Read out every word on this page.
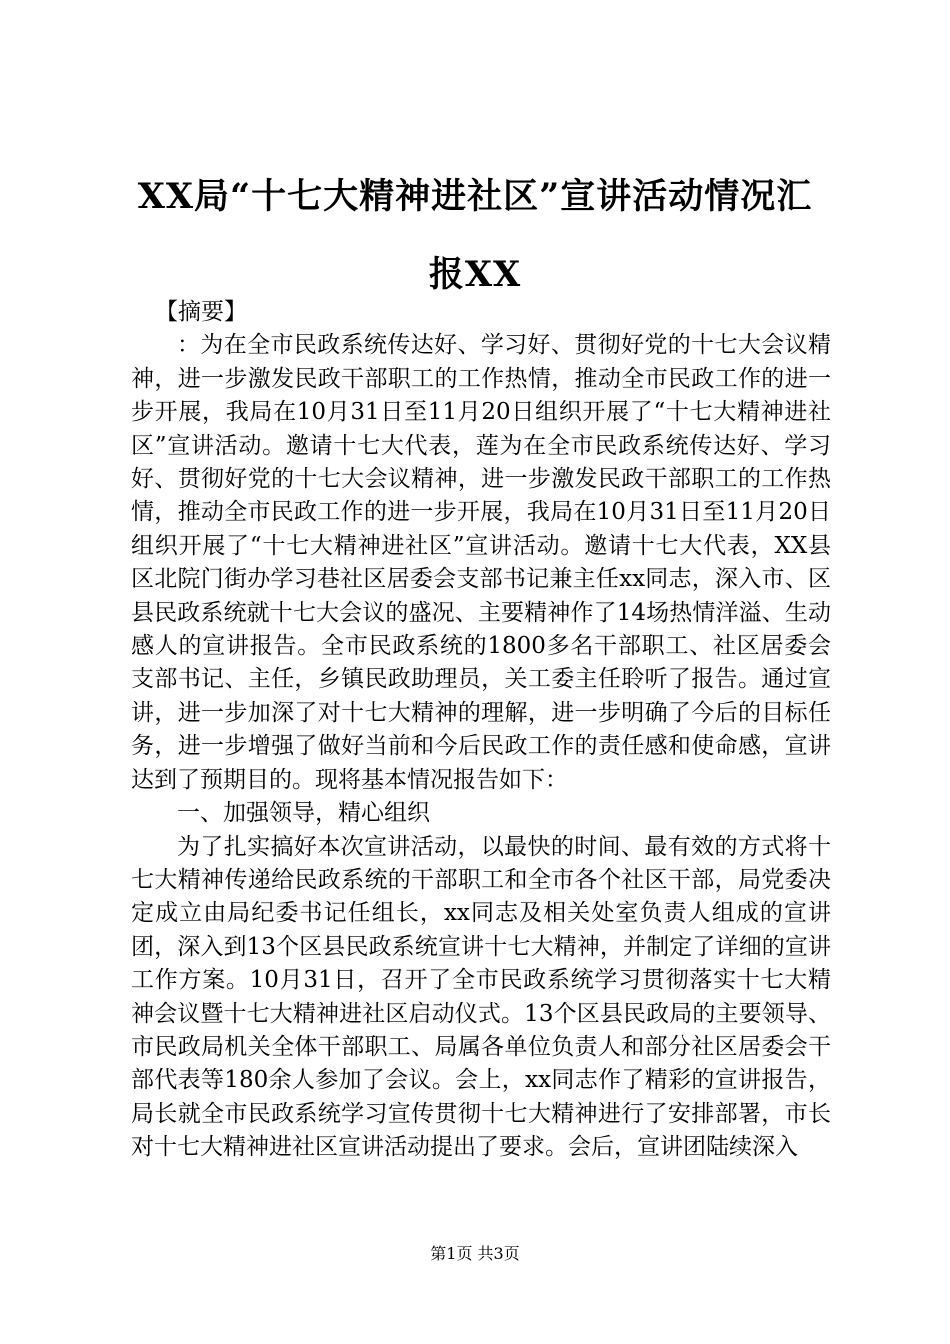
XX局“十七大精神进社区”宣讲活动情况汇
报XX

【摘要】

：为在全市民政系统传达好、学习好、贯彻好党的十七大会议精神，进一步激发民政干部职工的工作热情，推动全市民政工作的进一步开展，我局在10月31日至11月20日组织开展了“十七大精神进社区”宣讲活动。邀请十七大代表，莲为在全市民政系统传达好、学习好、贯彻好党的十七大会议精神，进一步激发民政干部职工的工作热情，推动全市民政工作的进一步开展，我局在10月31日至11月20日组织开展了“十七大精神进社区”宣讲活动。邀请十七大代表，XX县区北院门街办学习巷社区居委会支部书记兼主任xx同志，深入市、区县民政系统就十七大会议的盛况、主要精神作了14场热情洋溢、生动感人的宣讲报告。全市民政系统的1800多名干部职工、社区居委会支部书记、主任，乡镇民政助理员，关工委主任聆听了报告。通过宣讲，进一步加深了对十七大精神的理解，进一步明确了今后的目标任务，进一步增强了做好当前和今后民政工作的责任感和使命感，宣讲达到了预期目的。现将基本情况报告如下：

一、加强领导，精心组织

为了扎实搞好本次宣讲活动，以最快的时间、最有效的方式将十七大精神传递给民政系统的干部职工和全市各个社区干部，局党委决定成立由局纪委书记任组长，xx同志及相关处室负责人组成的宣讲团，深入到13个区县民政系统宣讲十七大精神，并制定了详细的宣讲工作方案。10月31日，召开了全市民政系统学习贯彻落实十七大精神会议暨十七大精神进社区启动仪式。13个区县民政局的主要领导、市民政局机关全体干部职工、局属各单位负责人和部分社区居委会干部代表等180余人参加了会议。会上，xx同志作了精彩的宣讲报告，局长就全市民政系统学习宣传贯彻十七大精神进行了安排部署，市长对十七大精神进社区宣讲活动提出了要求。会后，宣讲团陆续深入

第1页 共3页
